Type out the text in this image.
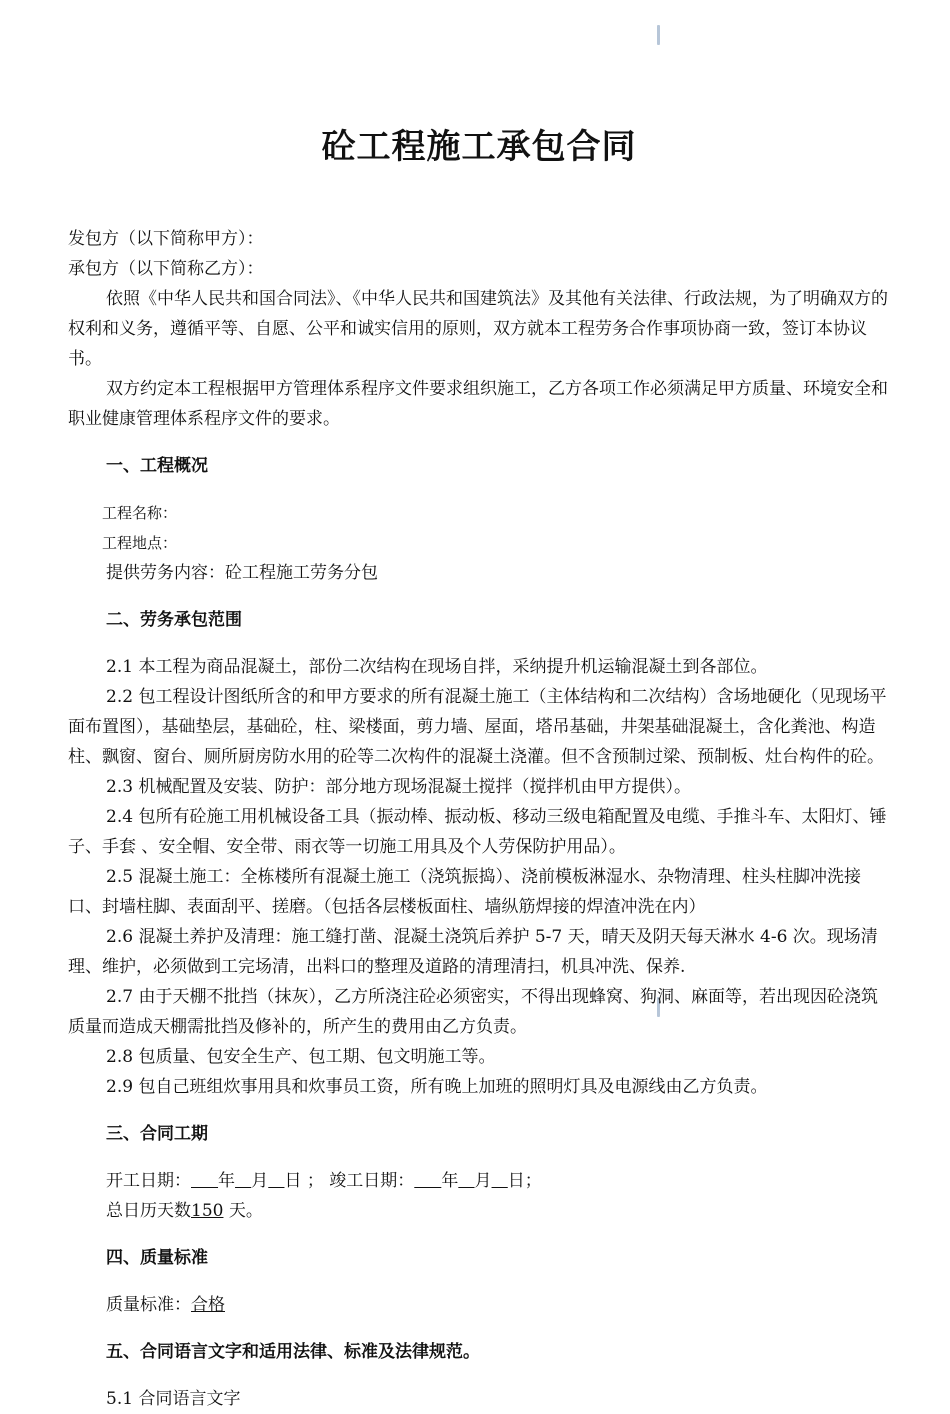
砼工程施工承包合同

发包方（以下简称甲方）：

承包方（以下简称乙方）：

依照《中华人民共和国合同法》、《中华人民共和国建筑法》及其他有关法律、行政法规，为了明确双方的权利和义务，遵循平等、自愿、公平和诚实信用的原则，双方就本工程劳务合作事项协商一致，签订本协议书。

双方约定本工程根据甲方管理体系程序文件要求组织施工，乙方各项工作必须满足甲方质量、环境安全和职业健康管理体系程序文件的要求。

一、工程概况

工程名称：

工程地点：

提供劳务内容：砼工程施工劳务分包

二、劳务承包范围

2.1 本工程为商品混凝土，部份二次结构在现场自拌，采纳提升机运输混凝土到各部位。

2.2 包工程设计图纸所含的和甲方要求的所有混凝土施工（主体结构和二次结构）含场地硬化（见现场平面布置图），基础垫层，基础砼，柱、梁楼面，剪力墙、屋面，塔吊基础，井架基础混凝土，含化粪池、构造柱、飘窗、窗台、厕所厨房防水用的砼等二次构件的混凝土浇灌。但不含预制过梁、预制板、灶台构件的砼。

2.3 机械配置及安装、防护：部分地方现场混凝土搅拌（搅拌机由甲方提供）。

2.4 包所有砼施工用机械设备工具（振动棒、振动板、移动三级电箱配置及电缆、手推斗车、太阳灯、锤子、手套 、安全帽、安全带、雨衣等一切施工用具及个人劳保防护用品）。

2.5 混凝土施工：全栋楼所有混凝土施工（浇筑振捣）、浇前模板淋湿水、杂物清理、柱头柱脚冲洗接口、封墙柱脚、表面刮平、搓磨。（包括各层楼板面柱、墙纵筋焊接的焊渣冲洗在内）

2.6 混凝土养护及清理：施工缝打凿、混凝土浇筑后养护 5-7 天，晴天及阴天每天淋水 4-6 次。现场清理、维护，必须做到工完场清，出料口的整理及道路的清理清扫，机具冲洗、保养.

2.7 由于天棚不批挡（抹灰），乙方所浇注砼必须密实，不得出现蜂窝、狗洞、麻面等，若出现因砼浇筑质量而造成天棚需批挡及修补的，所产生的费用由乙方负责。

2.8 包质量、包安全生产、包工期、包文明施工等。

2.9 包自己班组炊事用具和炊事员工资，所有晚上加班的照明灯具及电源线由乙方负责。

三、合同工期

开工日期： 年 月 日 ； 竣工日期： 年 月 日；

总日历天数150 天。

四、质量标准

质量标准：合格

五、合同语言文字和适用法律、标准及法律规范。

5.1 合同语言文字
